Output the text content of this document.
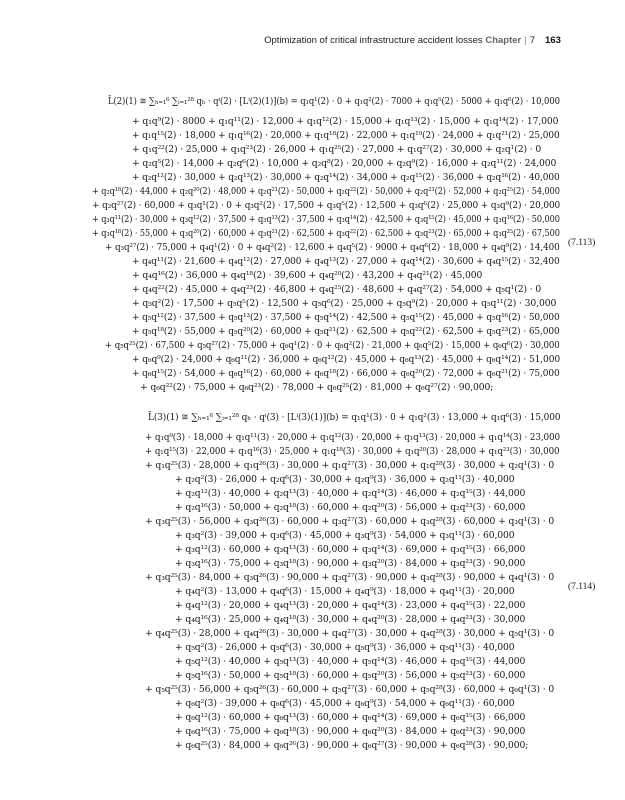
Optimization of critical infrastructure accident losses Chapter | 7 163
L̄(2)(1) ≅ ∑ₕ₌₁⁶ ∑ᵢ₌₁²⁸ qₕ · qⁱ(2) · [Lⁱ(2)(1)](b) = q₁q¹(2) · 0 + q₁q²(2) · 7000 + q₁q⁵(2) · 5000 + q₁q⁶(2) · 10,000
+ q₁q⁹(2) · 8000 + q₁q¹¹(2) · 12,000 + q₁q¹²(2) · 15,000 + q₁q¹³(2) · 15,000 + q₁q¹⁴(2) · 17,000
+ q₁q¹⁵(2) · 18,000 + q₁q¹⁶(2) · 20,000 + q₁q¹⁸(2) · 22,000 + q₁q¹⁹(2) · 24,000 + q₁q²¹(2) · 25,000
+ q₁q²²(2) · 25,000 + q₁q²³(2) · 26,000 + q₁q²⁵(2) · 27,000 + q₁q²⁷(2) · 30,000 + q₂q¹(2) · 0
+ q₂q⁵(2) · 14,000 + q₂q⁶(2) · 10,000 + q₂q⁸(2) · 20,000 + q₂q⁹(2) · 16,000 + q₂q¹¹(2) · 24,000
+ q₂q¹²(2) · 30,000 + q₂q¹³(2) · 30,000 + q₂q¹⁴(2) · 34,000 + q₂q¹⁵(2) · 36,000 + q₂q¹⁶(2) · 40,000
+ q₂q¹⁸(2) · 44,000 + q₂q²⁰(2) · 48,000 + q₂q²¹(2) · 50,000 + q₂q²²(2) · 50,000 + q₂q²³(2) · 52,000 + q₂q²⁵(2) · 54,000
+ q₂q²⁷(2) · 60,000 + q₃q¹(2) · 0 + q₃q²(2) · 17,500 + q₃q⁵(2) · 12,500 + q₃q⁶(2) · 25,000 + q₃q⁹(2) · 20,000
+ q₃q¹¹(2) · 30,000 + q₃q¹²(2) · 37,500 + q₃q¹³(2) · 37,500 + q₃q¹⁴(2) · 42,500 + q₃q¹⁵(2) · 45,000 + q₃q¹⁶(2) · 50,000
+ q₃q¹⁸(2) · 55,000 + q₃q²⁰(2) · 60,000 + q₃q²¹(2) · 62,500 + q₃q²²(2) · 62,500 + q₃q²³(2) · 65,000 + q₃q²⁵(2) · 67,500
+ q₃q²⁷(2) · 75,000 + q₄q¹(2) · 0 + q₄q²(2) · 12,600 + q₄q⁵(2) · 9000 + q₄q⁶(2) · 18,000 + q₄q⁹(2) · 14,400
+ q₄q¹¹(2) · 21,600 + q₄q¹²(2) · 27,000 + q₄q¹³(2) · 27,000 + q₄q¹⁴(2) · 30,600 + q₄q¹⁵(2) · 32,400
+ q₄q¹⁶(2) · 36,000 + q₄q¹⁸(2) · 39,600 + q₄q²⁰(2) · 43,200 + q₄q²¹(2) · 45,000
+ q₄q²²(2) · 45,000 + q₄q²³(2) · 46,800 + q₄q²⁵(2) · 48,600 + q₄q²⁷(2) · 54,000 + q₅q¹(2) · 0
+ q₅q²(2) · 17,500 + q₅q⁵(2) · 12,500 + q₅q⁶(2) · 25,000 + q₅q⁹(2) · 20,000 + q₅q¹¹(2) · 30,000
+ q₅q¹²(2) · 37,500 + q₅q¹³(2) · 37,500 + q₅q¹⁴(2) · 42,500 + q₅q¹⁵(2) · 45,000 + q₅q¹⁶(2) · 50,000
+ q₅q¹⁸(2) · 55,000 + q₅q²⁰(2) · 60,000 + q₅q²¹(2) · 62,500 + q₅q²²(2) · 62,500 + q₅q²³(2) · 65,000
+ q₅q²⁵(2) · 67,500 + q₅q²⁷(2) · 75,000 + q₆q¹(2) · 0 + q₆q²(2) · 21,000 + q₆q⁵(2) · 15,000 + q₆q⁶(2) · 30,000
+ q₆q⁹(2) · 24,000 + q₆q¹¹(2) · 36,000 + q₆q¹²(2) · 45,000 + q₆q¹³(2) · 45,000 + q₆q¹⁴(2) · 51,000
+ q₆q¹⁵(2) · 54,000 + q₆q¹⁶(2) · 60,000 + q₆q¹⁸(2) · 66,000 + q₆q²⁰(2) · 72,000 + q₆q²¹(2) · 75,000
+ q₆q²²(2) · 75,000 + q₆q²³(2) · 78,000 + q₆q²⁵(2) · 81,000 + q₆q²⁷(2) · 90,000;
(7.113)
L̄(3)(1) ≅ ∑ₕ₌₁⁶ ∑ᵢ₌₁²⁸ qₕ · qⁱ(3) · [Lⁱ(3)(1)](b) = q₁q¹(3) · 0 + q₁q²(3) · 13,000 + q₁q⁶(3) · 15,000
+ q₁q⁹(3) · 18,000 + q₁q¹¹(3) · 20,000 + q₁q¹²(3) · 20,000 + q₁q¹³(3) · 20,000 + q₁q¹⁴(3) · 23,000
+ q₁q¹⁵(3) · 22,000 + q₁q¹⁶(3) · 25,000 + q₁q¹⁸(3) · 30,000 + q₁q²⁰(3) · 28,000 + q₁q²³(3) · 30,000
+ q₁q²⁵(3) · 28,000 + q₁q²⁶(3) · 30,000 + q₁q²⁷(3) · 30,000 + q₁q²⁸(3) · 30,000 + q₂q¹(3) · 0
+ q₂q²(3) · 26,000 + q₂q⁶(3) · 30,000 + q₂q⁹(3) · 36,000 + q₂q¹¹(3) · 40,000
+ q₂q¹²(3) · 40,000 + q₂q¹³(3) · 40,000 + q₂q¹⁴(3) · 46,000 + q₂q¹⁵(3) · 44,000
+ q₂q¹⁶(3) · 50,000 + q₂q¹⁸(3) · 60,000 + q₂q²⁰(3) · 56,000 + q₂q²³(3) · 60,000
+ q₃q²⁵(3) · 56,000 + q₃q²⁶(3) · 60,000 + q₃q²⁷(3) · 60,000 + q₃q²⁸(3) · 60,000 + q₃q¹(3) · 0
+ q₃q²(3) · 39,000 + q₃q⁶(3) · 45,000 + q₃q⁹(3) · 54,000 + q₃q¹¹(3) · 60,000
+ q₃q¹²(3) · 60,000 + q₃q¹³(3) · 60,000 + q₃q¹⁴(3) · 69,000 + q₃q¹⁵(3) · 66,000
+ q₃q¹⁶(3) · 75,000 + q₃q¹⁸(3) · 90,000 + q₃q²⁰(3) · 84,000 + q₃q²³(3) · 90,000
+ q₃q²⁵(3) · 84,000 + q₃q²⁶(3) · 90,000 + q₃q²⁷(3) · 90,000 + q₃q²⁸(3) · 90,000 + q₄q¹(3) · 0
+ q₄q²(3) · 13,000 + q₄q⁶(3) · 15,000 + q₄q⁹(3) · 18,000 + q₄q¹¹(3) · 20,000
+ q₄q¹²(3) · 20,000 + q₄q¹³(3) · 20,000 + q₄q¹⁴(3) · 23,000 + q₄q¹⁵(3) · 22,000
+ q₄q¹⁶(3) · 25,000 + q₄q¹⁸(3) · 30,000 + q₄q²⁰(3) · 28,000 + q₄q²³(3) · 30,000
+ q₄q²⁵(3) · 28,000 + q₄q²⁶(3) · 30,000 + q₄q²⁷(3) · 30,000 + q₄q²⁸(3) · 30,000 + q₅q¹(3) · 0
+ q₅q²(3) · 26,000 + q₅q⁶(3) · 30,000 + q₅q⁹(3) · 36,000 + q₅q¹¹(3) · 40,000
+ q₅q¹²(3) · 40,000 + q₅q¹³(3) · 40,000 + q₅q¹⁴(3) · 46,000 + q₅q¹⁵(3) · 44,000
+ q₅q¹⁶(3) · 50,000 + q₅q¹⁸(3) · 60,000 + q₅q²⁰(3) · 56,000 + q₅q²³(3) · 60,000
+ q₅q²⁵(3) · 56,000 + q₅q²⁶(3) · 60,000 + q₅q²⁷(3) · 60,000 + q₅q²⁸(3) · 60,000 + q₆q¹(3) · 0
+ q₆q²(3) · 39,000 + q₆q⁶(3) · 45,000 + q₆q⁹(3) · 54,000 + q₆q¹¹(3) · 60,000
+ q₆q¹²(3) · 60,000 + q₆q¹³(3) · 60,000 + q₆q¹⁴(3) · 69,000 + q₆q¹⁵(3) · 66,000
+ q₆q¹⁶(3) · 75,000 + q₆q¹⁸(3) · 90,000 + q₆q²⁰(3) · 84,000 + q₆q²³(3) · 90,000
+ q₆q²⁵(3) · 84,000 + q₆q²⁶(3) · 90,000 + q₆q²⁷(3) · 90,000 + q₆q²⁸(3) · 90,000;
(7.114)
